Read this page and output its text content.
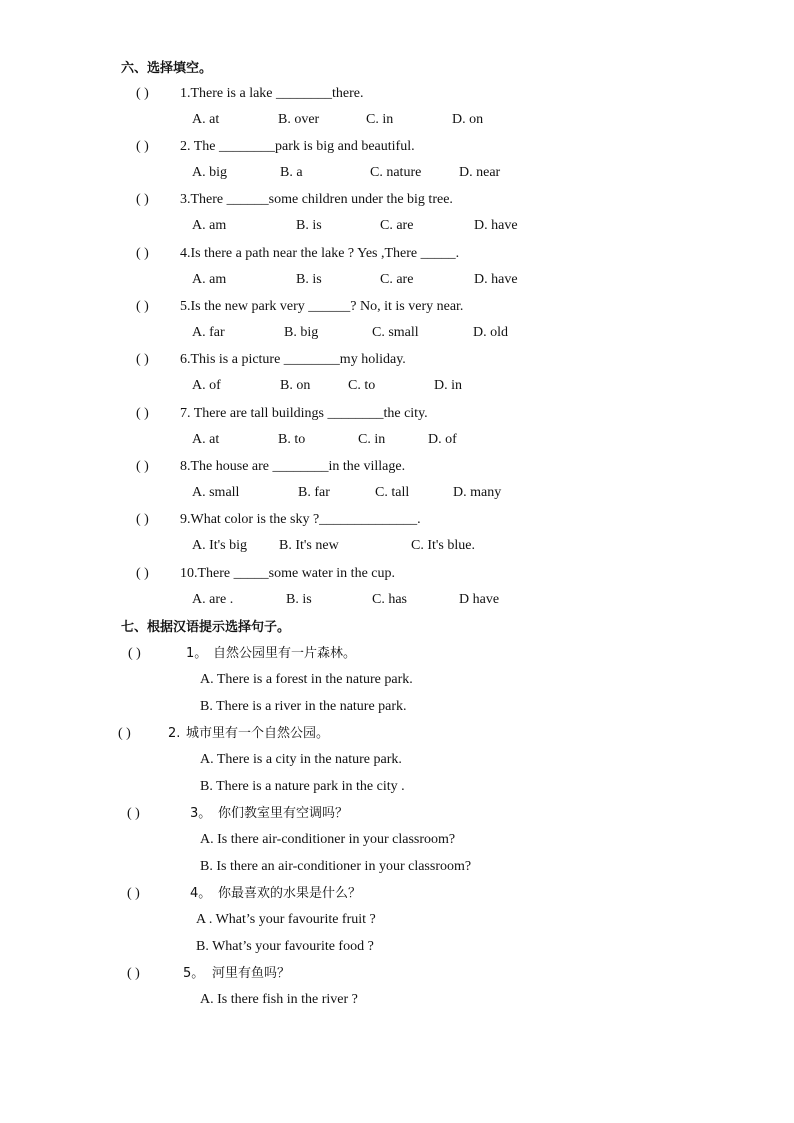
六、选择填空。
( ) 1.There is a lake ________there.
A. at	B. over	C. in	D. on
( ) 2. The ________park is big and beautiful.
A. big	B. a	C. nature	D. near
( ) 3.There ______some children under the big tree.
A. am	B. is	C. are	D. have
( ) 4.Is there a path near the lake ? Yes ,There _____.
A. am	B. is	C. are	D. have
( ) 5.Is the new park very ______? No, it is very near.
A. far	B. big	C. small	D. old
( ) 6.This is a picture ________my holiday.
A. of	B. on	C. to	D. in
( ) 7. There are tall buildings ________the city.
A. at	B. to	C. in	D. of
( ) 8.The house are ________in the village.
A. small	B. far	C. tall	D. many
( ) 9.What color is the sky ?______________.
A. It's big B. It's new	C. It's blue.
( ) 10.There _____some water in the cup.
A. are .	B. is	C. has	D have
七、根据汉语提示选择句子。
( )	1。 自然公园里有一片森林。
A. There is a forest in the nature park.
B. There is a river in the nature park.
( )	2. 城市里有一个自然公园。
A. There is a city in the nature park.
B. There is a nature park in the city .
( )	3。 你们教室里有空调吗？
A. Is there air-conditioner in your classroom?
B. Is there an air-conditioner in your classroom?
( )	4。 你最喜欢的水果是什么？
A . What’s your favourite fruit ?
B. What’s your favourite food ?
( )	5。 河里有鱼吗？
A. Is there fish in the river ?
